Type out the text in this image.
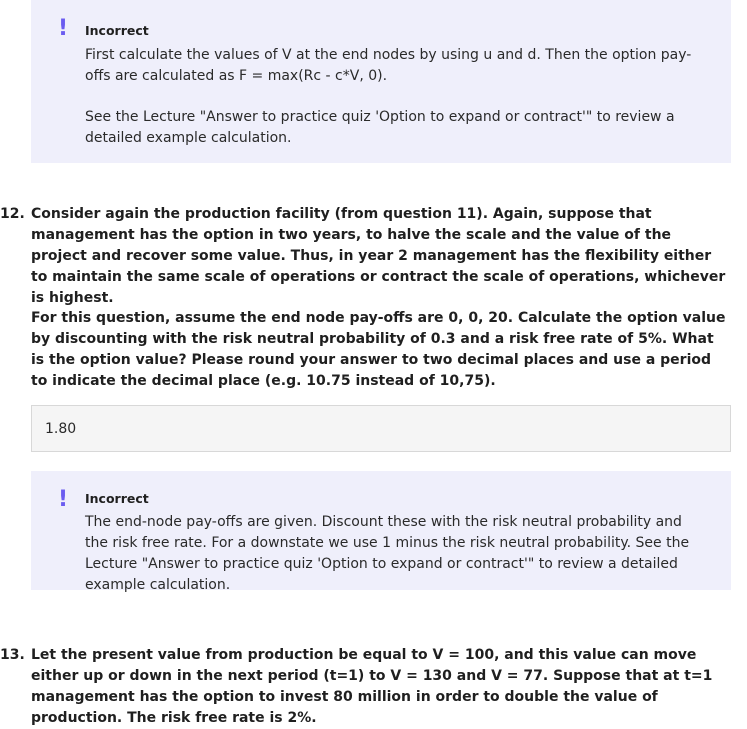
! Incorrect
First calculate the values of V at the end nodes by using u and d. Then the option pay-offs are calculated as F = max(Rc - c*V, 0).
See the Lecture "Answer to practice quiz 'Option to expand or contract'" to review a detailed example calculation.
12. Consider again the production facility (from question 11). Again, suppose that management has the option in two years, to halve the scale and the value of the project and recover some value. Thus, in year 2 management has the flexibility either to maintain the same scale of operations or contract the scale of operations, whichever is highest.
For this question, assume the end node pay-offs are 0, 0, 20. Calculate the option value by discounting with the risk neutral probability of 0.3 and a risk free rate of 5%. What is the option value? Please round your answer to two decimal places and use a period to indicate the decimal place (e.g. 10.75 instead of 10,75).
1.80
! Incorrect
The end-node pay-offs are given. Discount these with the risk neutral probability and the risk free rate. For a downstate we use 1 minus the risk neutral probability. See the Lecture "Answer to practice quiz 'Option to expand or contract'" to review a detailed example calculation.
13. Let the present value from production be equal to V = 100, and this value can move either up or down in the next period (t=1) to V = 130 and V = 77. Suppose that at t=1 management has the option to invest 80 million in order to double the value of production. The risk free rate is 2%.
